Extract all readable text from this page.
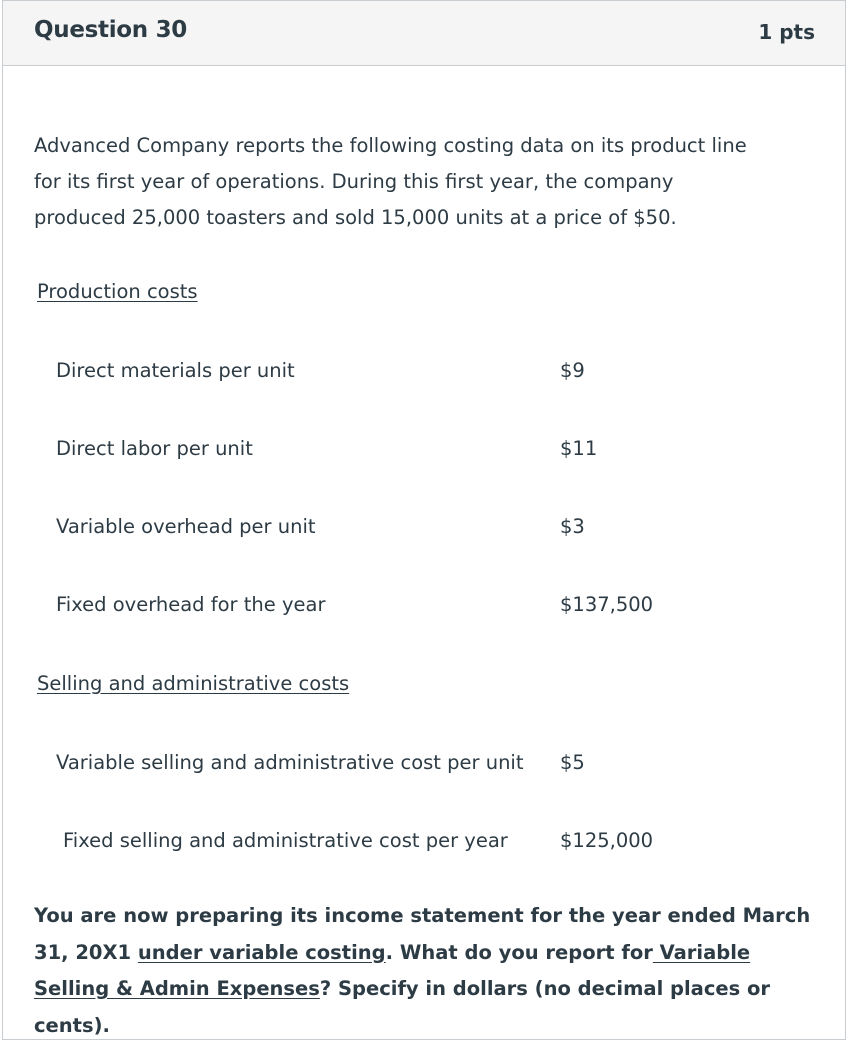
Question 30	1 pts
Advanced Company reports the following costing data on its product line
for its first year of operations. During this first year, the company
produced 25,000 toasters and sold 15,000 units at a price of $50.
Production costs
Direct materials per unit	$9
Direct labor per unit	$11
Variable overhead per unit	$3
Fixed overhead for the year	$137,500
Selling and administrative costs
Variable selling and administrative cost per unit $5
Fixed selling and administrative cost per year	$125,000
You are now preparing its income statement for the year ended March 31, 20X1 under variable costing. What do you report for Variable Selling & Admin Expenses? Specify in dollars (no decimal places or cents).
